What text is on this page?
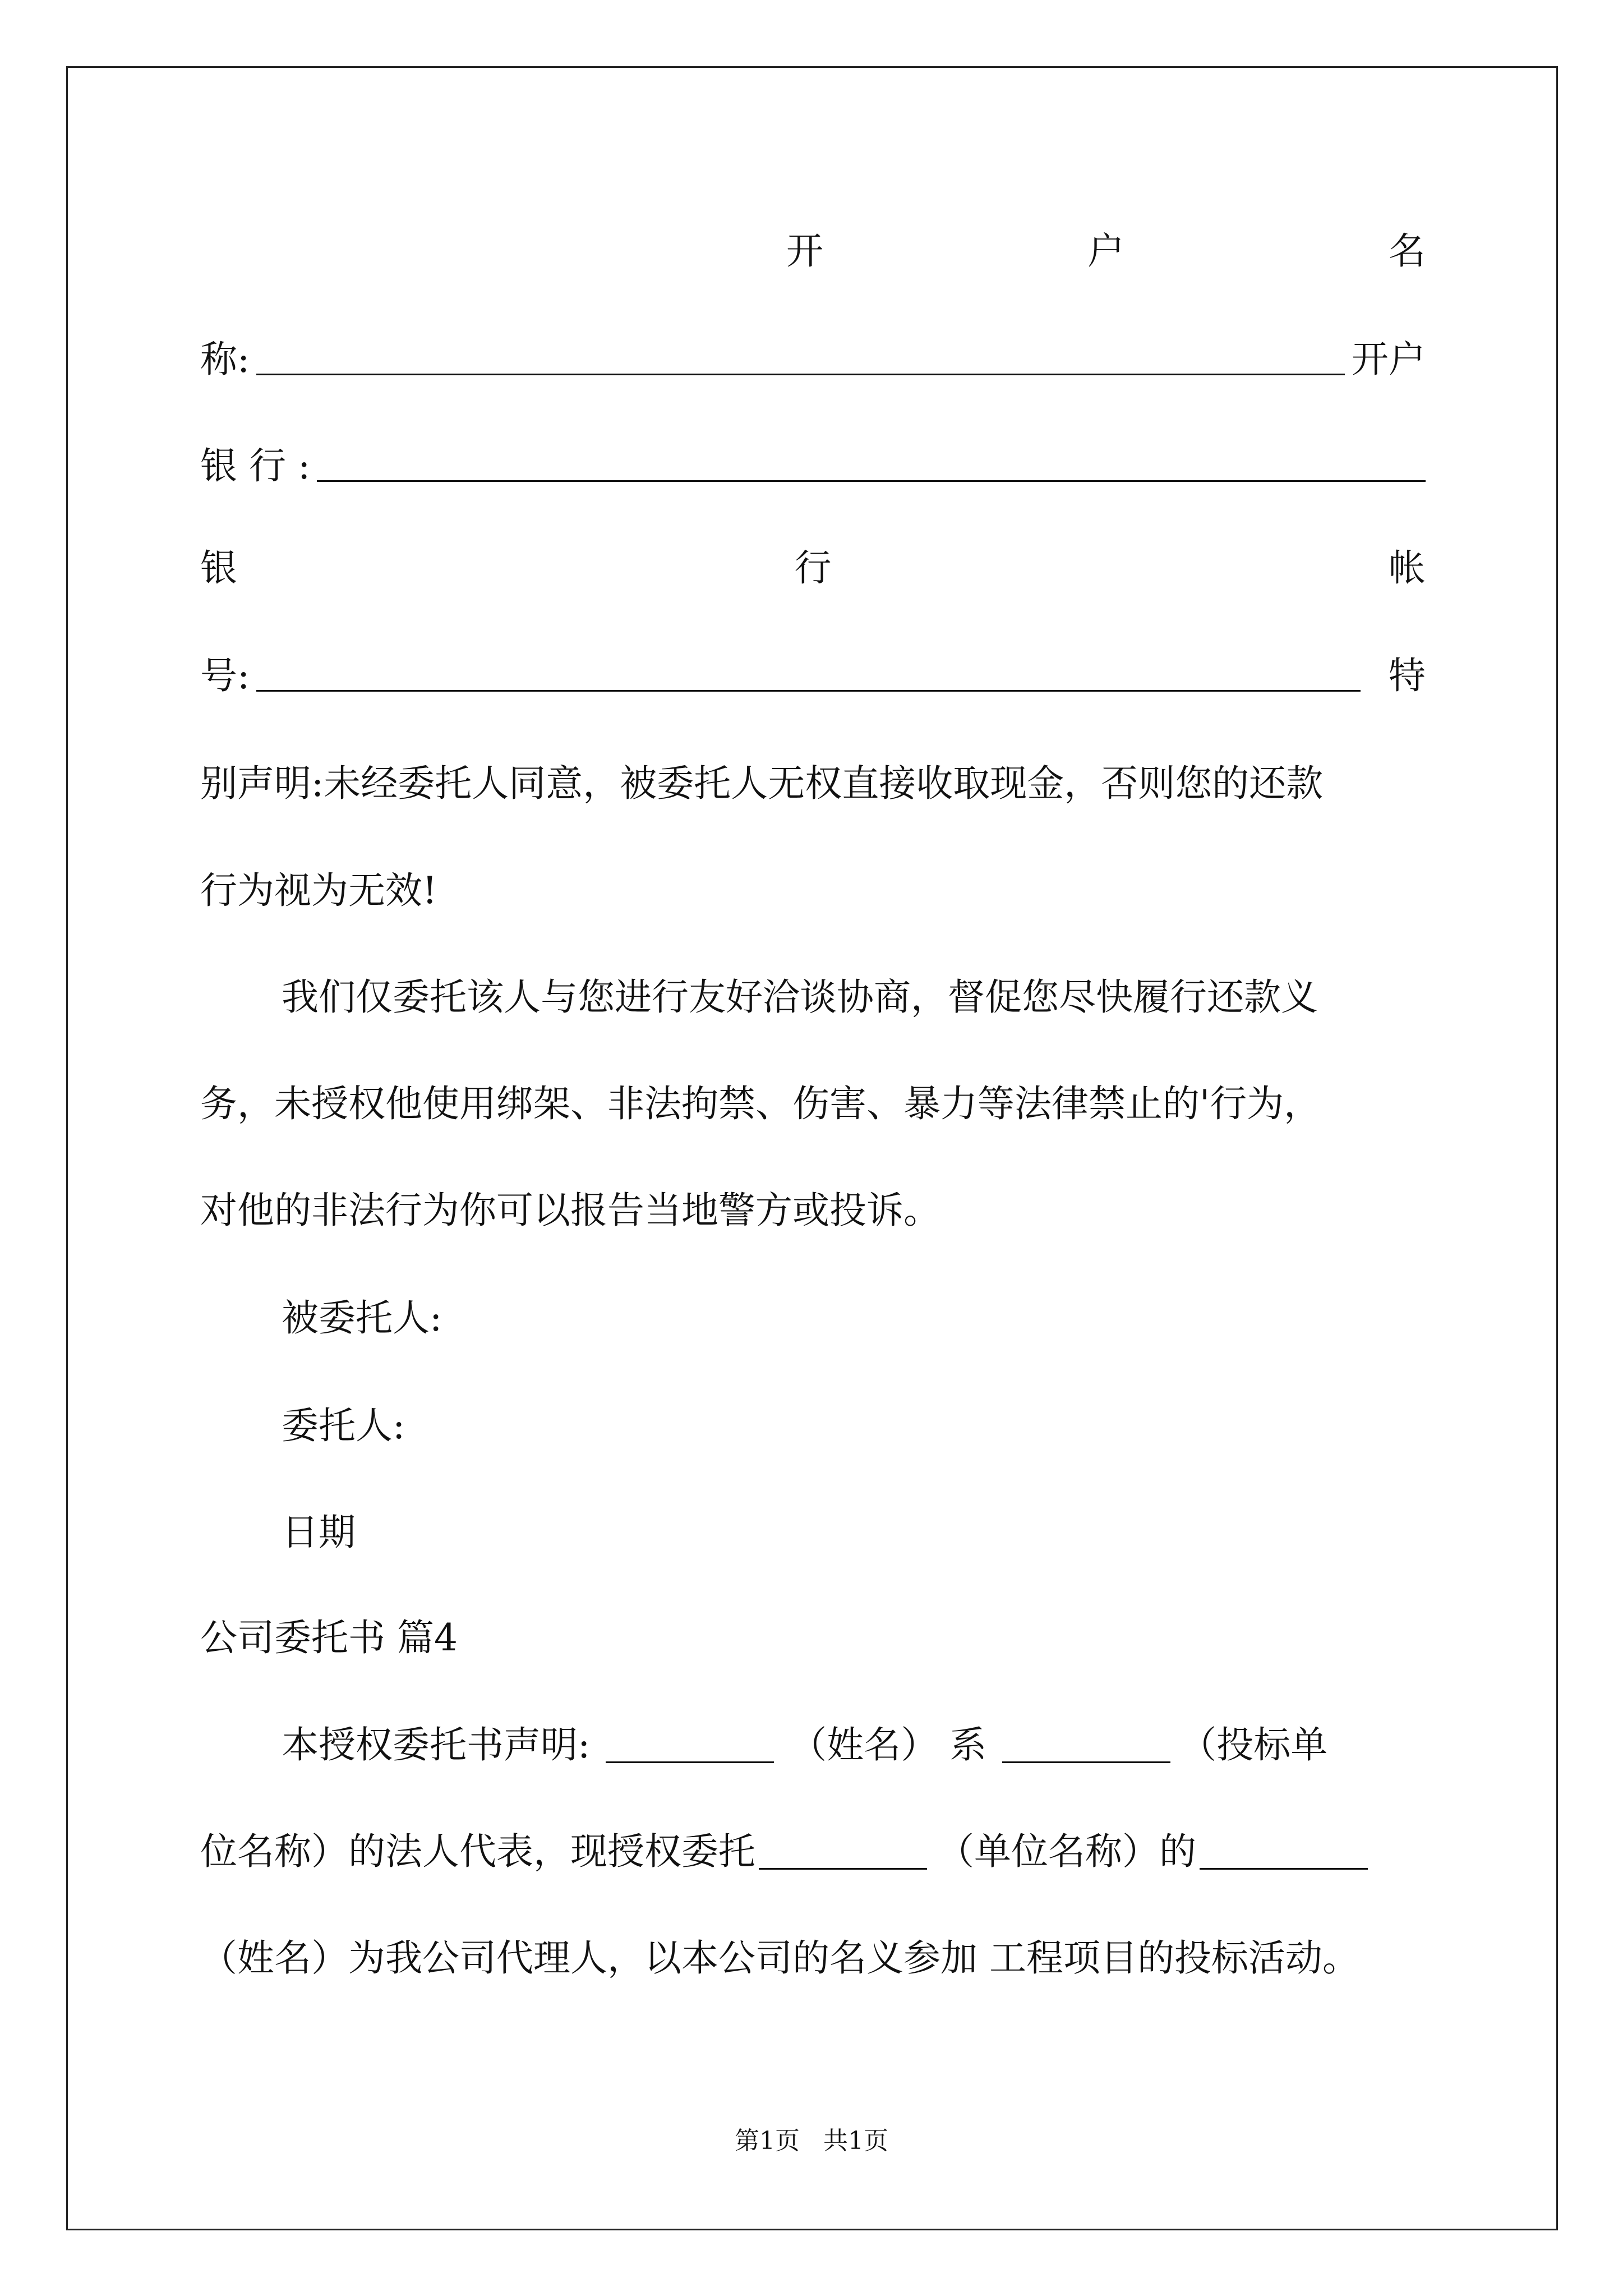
开	户	名
称:	开户
银 行 :
银	行	帐
号:	特
别声明:未经委托人同意，被委托人无权直接收取现金，否则您的还款
行为视为无效!
我们仅委托该人与您进行友好洽谈协商，督促您尽快履行还款义
务，未授权他使用绑架、非法拘禁、伤害、暴力等法律禁止的'行为，
对他的非法行为你可以报告当地警方或投诉。
被委托人:
委托人:
日期
公司委托书 篇4
本授权委托书声明:	（姓名） 系	（投标单
位名称）的法人代表，现授权委托	（单位名称）的
（姓名）为我公司代理人，以本公司的名义参加 工程项目的投标活动。
第1页 共1页
